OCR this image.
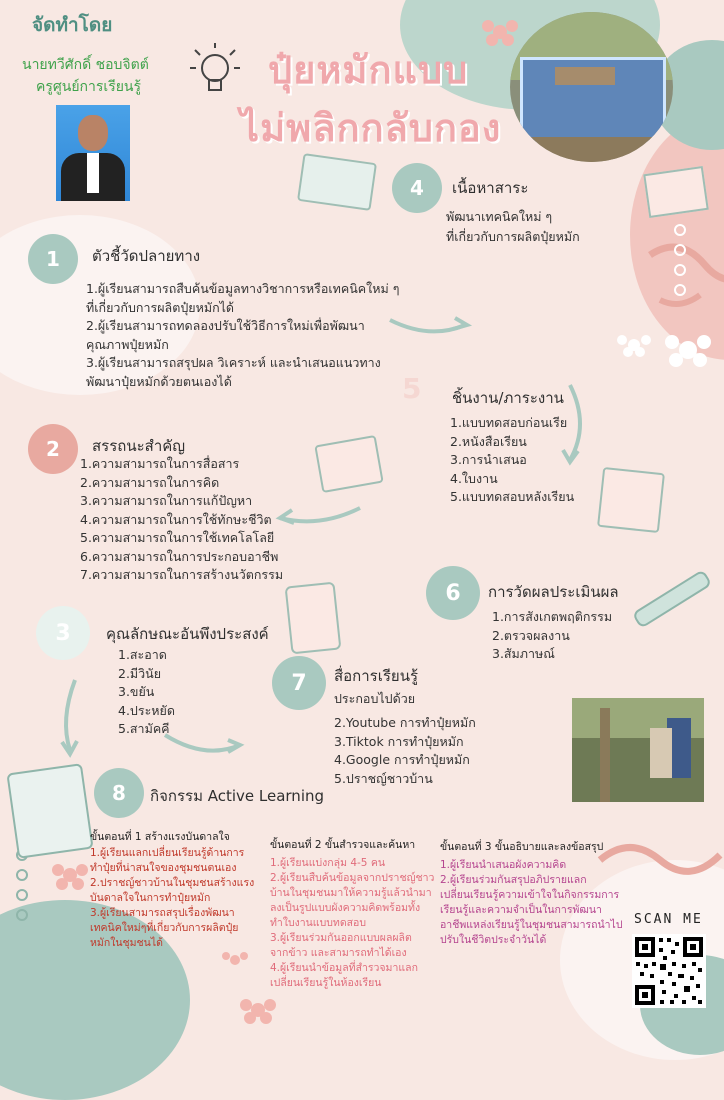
จัดทำโดย
นายทวีศักดิ์ ชอบจิตต์
ครูศูนย์การเรียนรู้	ปุ๋ยหมักแบบ
ไม่พลิกกลับกอง
1	ตัวชี้วัดปลายทาง
1.ผู้เรียนสามารถสืบค้นข้อมูลทางวิชาการหรือเทคนิคใหม่ ๆ
ที่เกี่ยวกับการผลิตปุ๋ยหมักได้
2.ผู้เรียนสามารถทดลองปรับใช้วิธีการใหม่เพื่อพัฒนา
คุณภาพปุ๋ยหมัก
3.ผู้เรียนสามารถสรุปผล วิเคราะห์ และนำเสนอแนวทาง
พัฒนาปุ๋ยหมักด้วยตนเองได้
4	เนื้อหาสาระ
พัฒนาเทคนิคใหม่ ๆ
ที่เกี่ยวกับการผลิตปุ๋ยหมัก
5 ชิ้นงาน/ภาระงาน
1.แบบทดสอบก่อนเรีย
2.หนังสือเรียน
3.การนำเสนอ
4.ใบงาน
5.แบบทดสอบหลังเรียน
2	สรรถนะสำคัญ
1.ความสามารถในการสื่อสาร
2.ความสามารถในการคิด
3.ความสามารถในการแก้ปัญหา
4.ความสามารถในการใช้ทักษะชีวิต
5.ความสามารถในการใช้เทคโลโลยี
6.ความสามารถในการประกอบอาชีพ
7.ความสามารถในการสร้างนวัตกรรม
6	การวัดผลประเมินผล
1.การสังเกตพฤติกรรม
2.ตรวจผลงาน
3.สัมภาษณ์
3	คุณลักษณะอันพึงประสงค์
1.สะอาด
2.มีวินัย
3.ขยัน
4.ประหยัด
5.สามัคคี
7	สื่อการเรียนรู้
ประกอบไปด้วย
2.Youtube การทำปุ๋ยหมัก
3.Tiktok การทำปุ๋ยหมัก
4.Google การทำปุ๋ยหมัก
5.ปราชญ์ชาวบ้าน
8	กิจกรรม Active Learning
ขั้นตอนที่ 1 สร้างแรงบันดาลใจ
1.ผู้เรียนแลกเปลี่ยนเรียนรู้ด้านการ
ทำปุ๋ยที่น่าสนใจของชุมชนตนเอง
2.ปราชญ์ชาวบ้านในชุมชนสร้างแรง
บันดาลใจในการทำปุ๋ยหมัก
3.ผู้เรียนสามารถสรุปเรื่องพัฒนา
เทคนิคใหม่ๆที่เกี่ยวกับการผลิตปุ๋ย
หมักในชุมชนได้
ขั้นตอนที่ 2 ขั้นสำรวจและค้นหา
1.ผู้เรียนแบ่งกลุ่ม 4-5 คน
2.ผู้เรียนสืบค้นข้อมูลจากปราชญ์ชาว
บ้านในชุมชนมาให้ความรู้แล้วนำมา
ลงเป็นรูปแบบผังความคิดพร้อมทั้ง
ทำใบงานแบบทดสอบ
3.ผู้เรียนร่วมกันออกแบบผลผลิต
จากข้าว และสามารถทำได้เอง
4.ผู้เรียนนำข้อมูลที่สำรวจมาแลก
เปลี่ยนเรียนรู้ในห้องเรียน
ขั้นตอนที่ 3 ขั้นอธิบายและลงข้อสรุป
1.ผู้เรียนนำเสนอผังความคิด
2.ผู้เรียนร่วมกันสรุปอภิปรายแลก
เปลี่ยนเรียนรู้ความเข้าใจในกิจกรรมการ
เรียนรู้และความจำเป็นในการพัฒนา
อาชีพแหล่งเรียนรู้ในชุมชนสามารถนำไป
ปรับในชีวิตประจำวันได้
SCAN ME
